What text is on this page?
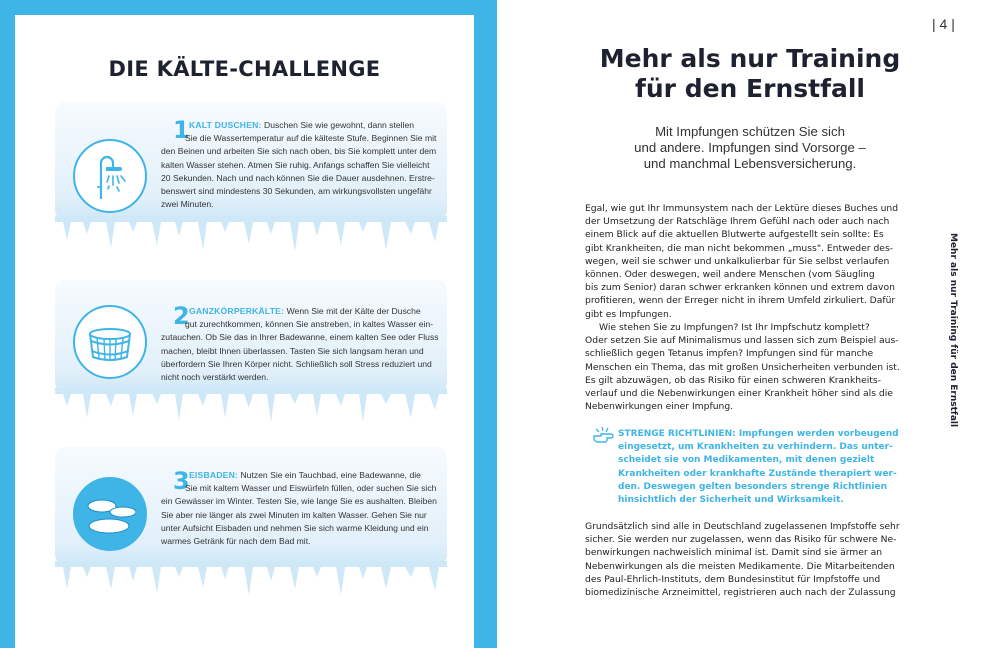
DIE KÄLTE-CHALLENGE
1 KALT DUSCHEN: Duschen Sie wie gewohnt, dann stellen
Sie die Wassertemperatur auf die kälteste Stufe. Beginnen Sie mit
den Beinen und arbeiten Sie sich nach oben, bis Sie komplett unter dem
kalten Wasser stehen. Atmen Sie ruhig. Anfangs schaffen Sie vielleicht
20 Sekunden. Nach und nach können Sie die Dauer ausdehnen. Erstre-
benswert sind mindestens 30 Sekunden, am wirkungsvollsten ungefähr
zwei Minuten.
2 GANZKÖRPERKÄLTE: Wenn Sie mit der Kälte der Dusche
gut zurechtkommen, können Sie anstreben, in kaltes Wasser ein-
zutauchen. Ob Sie das in Ihrer Badewanne, einem kalten See oder Fluss
machen, bleibt Ihnen überlassen. Tasten Sie sich langsam heran und
überfordern Sie Ihren Körper nicht. Schließlich soll Stress reduziert und
nicht noch verstärkt werden.
3 EISBADEN: Nutzen Sie ein Tauchbad, eine Badewanne, die
Sie mit kaltem Wasser und Eiswürfeln füllen, oder suchen Sie sich
ein Gewässer im Winter. Testen Sie, wie lange Sie es aushalten. Bleiben
Sie aber nie länger als zwei Minuten im kalten Wasser. Gehen Sie nur
unter Aufsicht Eisbaden und nehmen Sie sich warme Kleidung und ein
warmes Getränk für nach dem Bad mit.
| 4 |
Mehr als nur Training
für den Ernstfall
Mit Impfungen schützen Sie sich
und andere. Impfungen sind Vorsorge –
und manchmal Lebensversicherung.

Egal, wie gut Ihr Immunsystem nach der Lektüre dieses Buches und

der Umsetzung der Ratschläge Ihrem Gefühl nach oder auch nach

einem Blick auf die aktuellen Blutwerte aufgestellt sein sollte: Es

gibt Krankheiten, die man nicht bekommen „muss". Entweder des-

wegen, weil sie schwer und unkalkulierbar für Sie selbst verlaufen

können. Oder deswegen, weil andere Menschen (vom Säugling

bis zum Senior) daran schwer erkranken können und extrem davon

profitieren, wenn der Erreger nicht in ihrem Umfeld zirkuliert. Dafür

gibt es Impfungen.

Wie stehen Sie zu Impfungen? Ist Ihr Impfschutz komplett?

Oder setzen Sie auf Minimalismus und lassen sich zum Beispiel aus-

schließlich gegen Tetanus impfen? Impfungen sind für manche

Menschen ein Thema, das mit großen Unsicherheiten verbunden ist.

Es gilt abzuwägen, ob das Risiko für einen schweren Krankheits-

verlauf und die Nebenwirkungen einer Krankheit höher sind als die

Nebenwirkungen einer Impfung.

STRENGE RICHTLINIEN: Impfungen werden vorbeugend
eingesetzt, um Krankheiten zu verhindern. Das unter-
scheidet sie von Medikamenten, mit denen gezielt
Krankheiten oder krankhafte Zustände therapiert wer-
den. Deswegen gelten besonders strenge Richtlinien
hinsichtlich der Sicherheit und Wirksamkeit.

Grundsätzlich sind alle in Deutschland zugelassenen Impfstoffe sehr

sicher. Sie werden nur zugelassen, wenn das Risiko für schwere Ne-

benwirkungen nachweislich minimal ist. Damit sind sie ärmer an

Nebenwirkungen als die meisten Medikamente. Die Mitarbeitenden

des Paul-Ehrlich-Instituts, dem Bundesinstitut für Impfstoffe und

biomedizinische Arzneimittel, registrieren auch nach der Zulassung

Mehr als nur Training für den Ernstfall
